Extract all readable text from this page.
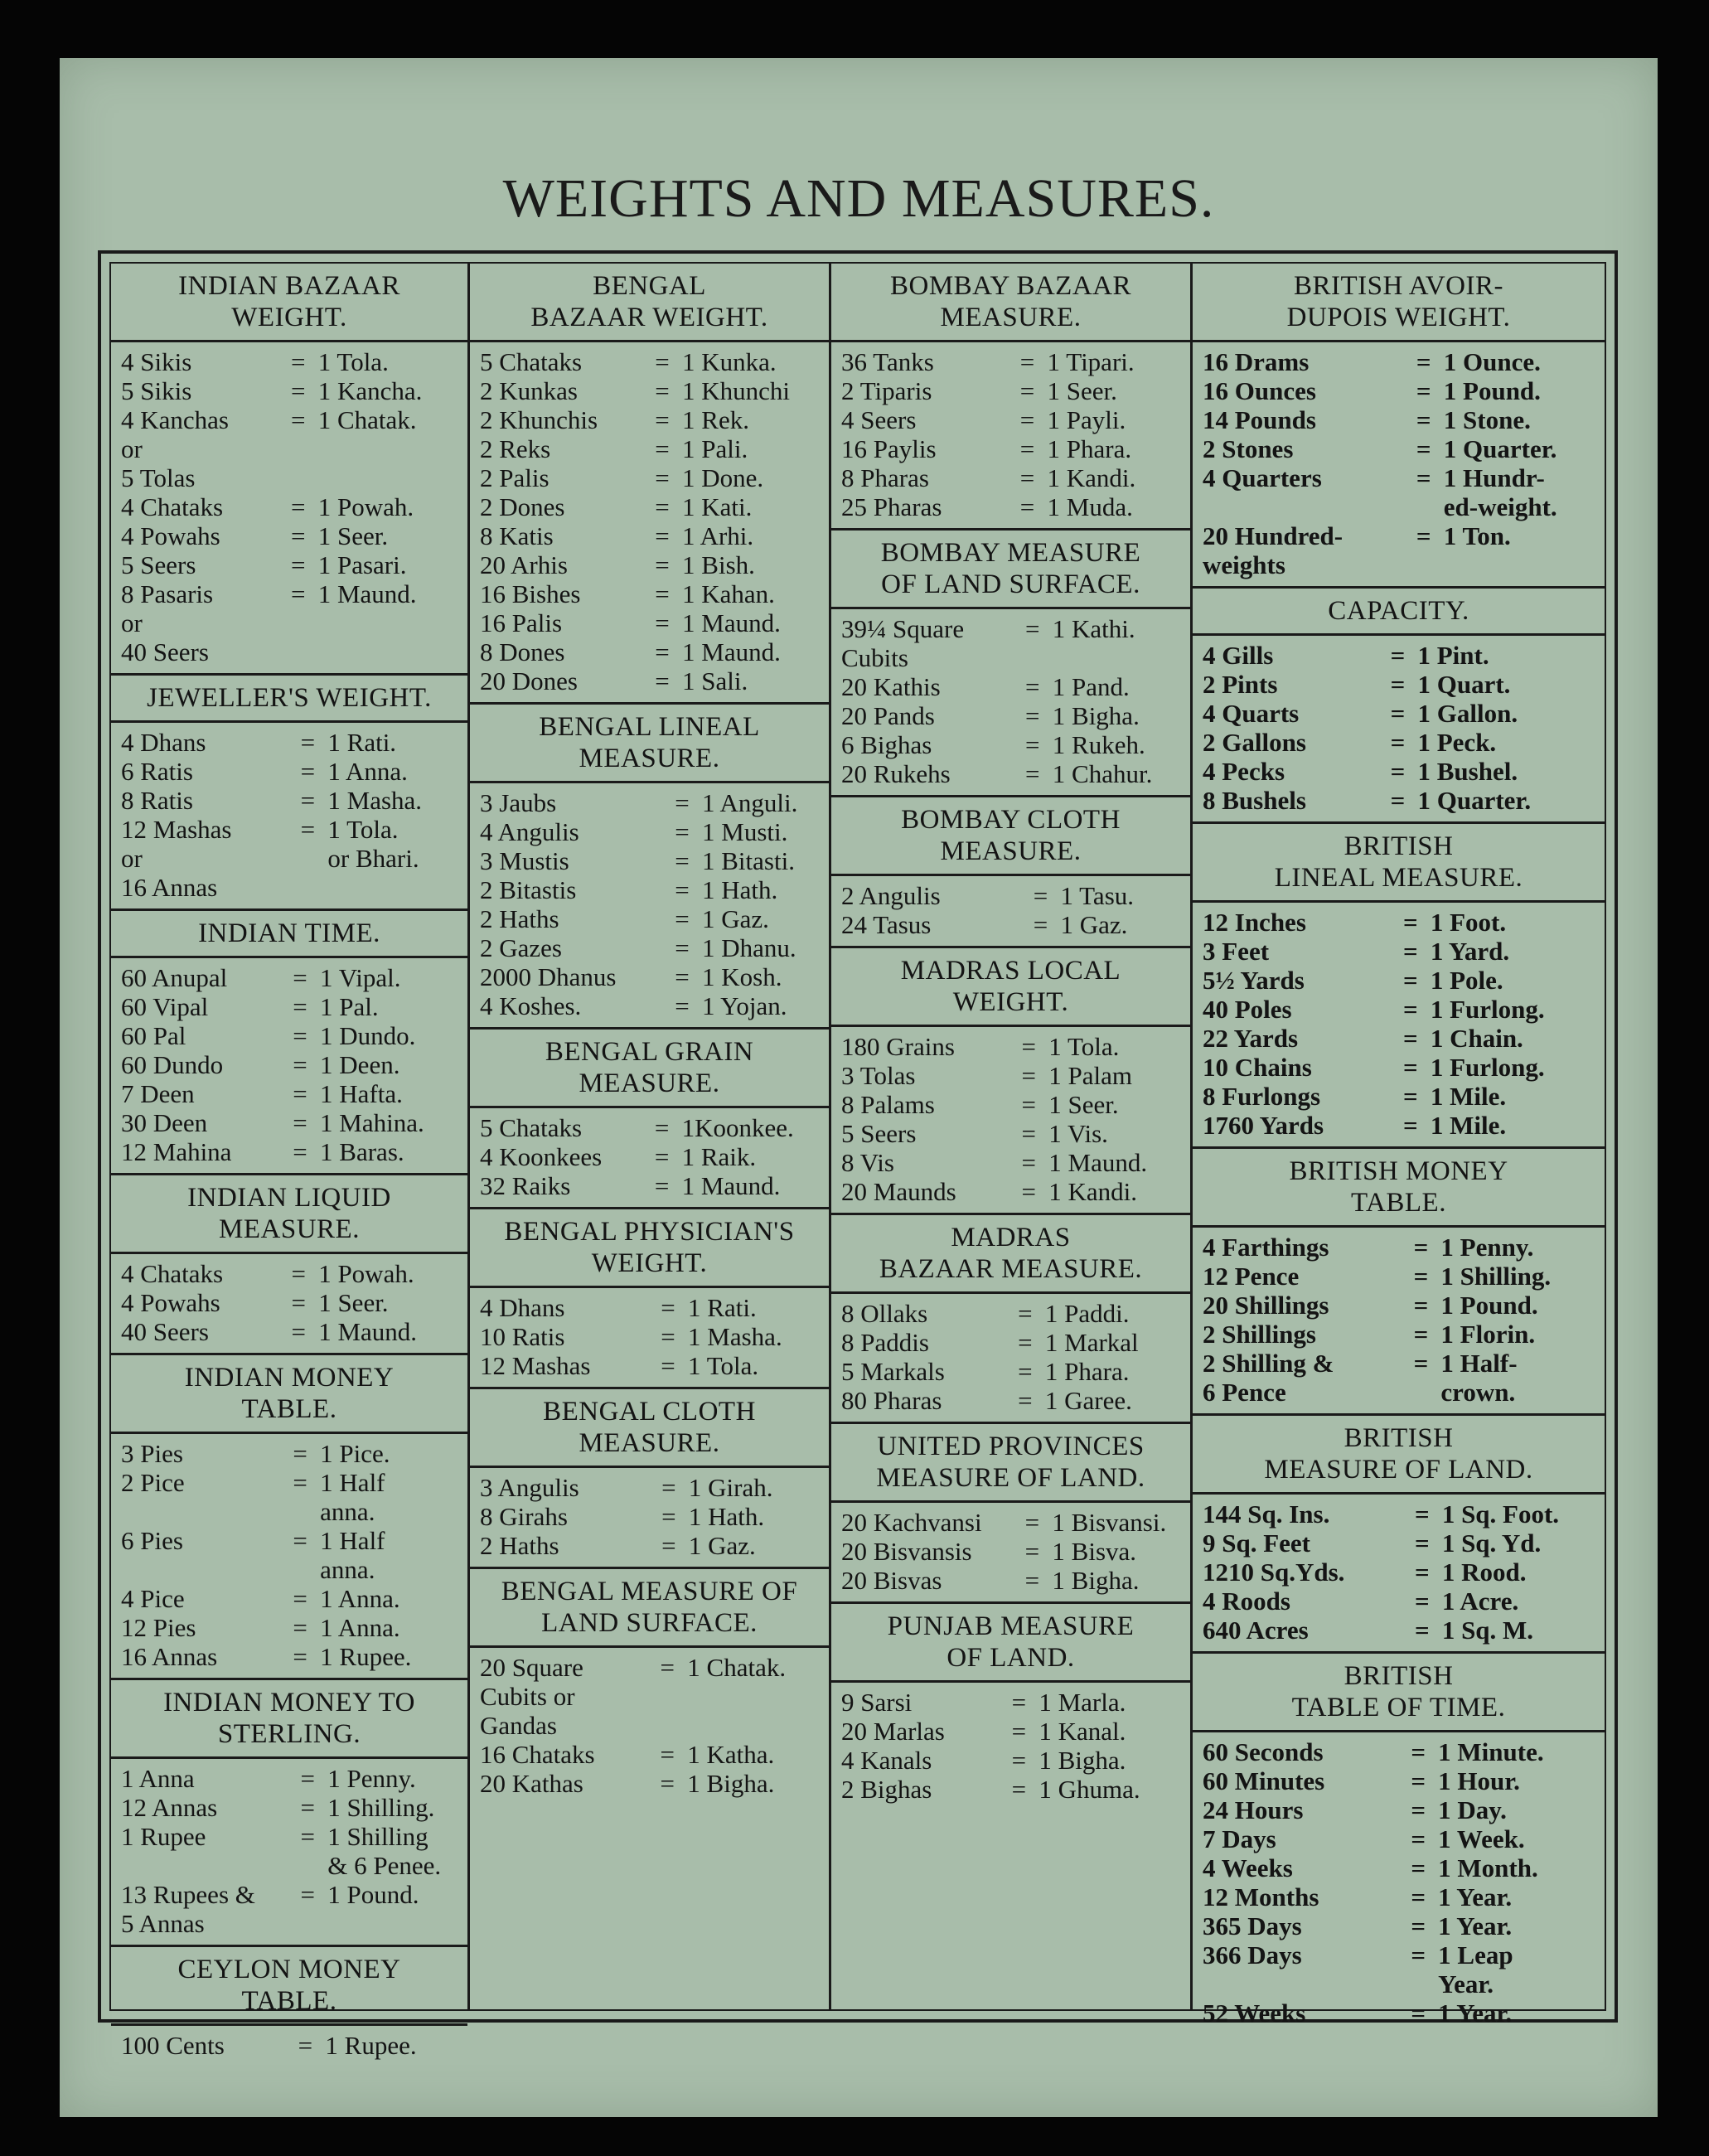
WEIGHTS AND MEASURES.
INDIAN BAZAAR
WEIGHT.
4 Sikis	=	1 Tola.
5 Sikis	=	1 Kancha.
4 Kanchas
or
5 Tolas	=	1 Chatak.
4 Chataks	=	1 Powah.
4 Powahs	=	1 Seer.
5 Seers	=	1 Pasari.
8 Pasaris
or
40 Seers	=	1 Maund.
JEWELLER'S WEIGHT.
4 Dhans	=	1 Rati.
6 Ratis	=	1 Anna.
8 Ratis	=	1 Masha.
12 Mashas
or
16 Annas	=	1 Tola.
or Bhari.
INDIAN TIME.
60 Anupal	=	1 Vipal.
60 Vipal	=	1 Pal.
60 Pal	=	1 Dundo.
60 Dundo	=	1 Deen.
7 Deen	=	1 Hafta.
30 Deen	=	1 Mahina.
12 Mahina	=	1 Baras.
INDIAN LIQUID
MEASURE.
4 Chataks	=	1 Powah.
4 Powahs	=	1 Seer.
40 Seers	=	1 Maund.
INDIAN MONEY
TABLE.
3 Pies	=	1 Pice.
2 Pice	=	1 Half
anna.
6 Pies	=	1 Half
anna.
4 Pice	=	1 Anna.
12 Pies	=	1 Anna.
16 Annas	=	1 Rupee.
INDIAN MONEY TO
STERLING.
1 Anna	=	1 Penny.
12 Annas	=	1 Shilling.
1 Rupee	=	1 Shilling
& 6 Penee.
13 Rupees &
5 Annas	=	1 Pound.
CEYLON MONEY
TABLE.
100 Cents	=	1 Rupee.
BENGAL
BAZAAR WEIGHT.
5 Chataks	=	1 Kunka.
2 Kunkas	=	1 Khunchi
2 Khunchis	=	1 Rek.
2 Reks	=	1 Pali.
2 Palis	=	1 Done.
2 Dones	=	1 Kati.
8 Katis	=	1 Arhi.
20 Arhis	=	1 Bish.
16 Bishes	=	1 Kahan.
16 Palis	=	1 Maund.
8 Dones	=	1 Maund.
20 Dones	=	1 Sali.
BENGAL LINEAL
MEASURE.
3 Jaubs	=	1 Anguli.
4 Angulis	=	1 Musti.
3 Mustis	=	1 Bitasti.
2 Bitastis	=	1 Hath.
2 Haths	=	1 Gaz.
2 Gazes	=	1 Dhanu.
2000 Dhanus	=	1 Kosh.
4 Koshes.	=	1 Yojan.
BENGAL GRAIN
MEASURE.
5 Chataks	=	1Koonkee.
4 Koonkees	=	1 Raik.
32 Raiks	=	1 Maund.
BENGAL PHYSICIAN'S
WEIGHT.
4 Dhans	=	1 Rati.
10 Ratis	=	1 Masha.
12 Mashas	=	1 Tola.
BENGAL CLOTH
MEASURE.
3 Angulis	=	1 Girah.
8 Girahs	=	1 Hath.
2 Haths	=	1 Gaz.
BENGAL MEASURE OF
LAND SURFACE.
20 Square
Cubits or
Gandas	=	1 Chatak.
16 Chataks	=	1 Katha.
20 Kathas	=	1 Bigha.
BOMBAY BAZAAR
MEASURE.
36 Tanks	=	1 Tipari.
2 Tiparis	=	1 Seer.
4 Seers	=	1 Payli.
16 Paylis	=	1 Phara.
8 Pharas	=	1 Kandi.
25 Pharas	=	1 Muda.
BOMBAY MEASURE
OF LAND SURFACE.
39¼ Square
Cubits	=	1 Kathi.
20 Kathis	=	1 Pand.
20 Pands	=	1 Bigha.
6 Bighas	=	1 Rukeh.
20 Rukehs	=	1 Chahur.
BOMBAY CLOTH
MEASURE.
2 Angulis	=	1 Tasu.
24 Tasus	=	1 Gaz.
MADRAS LOCAL
WEIGHT.
180 Grains	=	1 Tola.
3 Tolas	=	1 Palam
8 Palams	=	1 Seer.
5 Seers	=	1 Vis.
8 Vis	=	1 Maund.
20 Maunds	=	1 Kandi.
MADRAS
BAZAAR MEASURE.
8 Ollaks	=	1 Paddi.
8 Paddis	=	1 Markal
5 Markals	=	1 Phara.
80 Pharas	=	1 Garee.
UNITED PROVINCES
MEASURE OF LAND.
20 Kachvansi	=	1 Bisvansi.
20 Bisvansis	=	1 Bisva.
20 Bisvas	=	1 Bigha.
PUNJAB MEASURE
OF LAND.
9 Sarsi	=	1 Marla.
20 Marlas	=	1 Kanal.
4 Kanals	=	1 Bigha.
2 Bighas	=	1 Ghuma.
BRITISH AVOIR-
DUPOIS WEIGHT.
16 Drams	=	1 Ounce.
16 Ounces	=	1 Pound.
14 Pounds	=	1 Stone.
2 Stones	=	1 Quarter.
4 Quarters	=	1 Hundr-
ed-weight.
20 Hundred-
weights	=	1 Ton.
CAPACITY.
4 Gills	=	1 Pint.
2 Pints	=	1 Quart.
4 Quarts	=	1 Gallon.
2 Gallons	=	1 Peck.
4 Pecks	=	1 Bushel.
8 Bushels	=	1 Quarter.
BRITISH
LINEAL MEASURE.
12 Inches	=	1 Foot.
3 Feet	=	1 Yard.
5½ Yards	=	1 Pole.
40 Poles	=	1 Furlong.
22 Yards	=	1 Chain.
10 Chains	=	1 Furlong.
8 Furlongs	=	1 Mile.
1760 Yards	=	1 Mile.
BRITISH MONEY
TABLE.
4 Farthings	=	1 Penny.
12 Pence	=	1 Shilling.
20 Shillings	=	1 Pound.
2 Shillings	=	1 Florin.
2 Shilling &
6 Pence	=	1 Half-
crown.
BRITISH
MEASURE OF LAND.
144 Sq. Ins.	=	1 Sq. Foot.
9 Sq. Feet	=	1 Sq. Yd.
1210 Sq.Yds.	=	1 Rood.
4 Roods	=	1 Acre.
640 Acres	=	1 Sq. M.
BRITISH
TABLE OF TIME.
60 Seconds	=	1 Minute.
60 Minutes	=	1 Hour.
24 Hours	=	1 Day.
7 Days	=	1 Week.
4 Weeks	=	1 Month.
12 Months	=	1 Year.
365 Days	=	1 Year.
366 Days	=	1 Leap
Year.
52 Weeks	=	1 Year.
